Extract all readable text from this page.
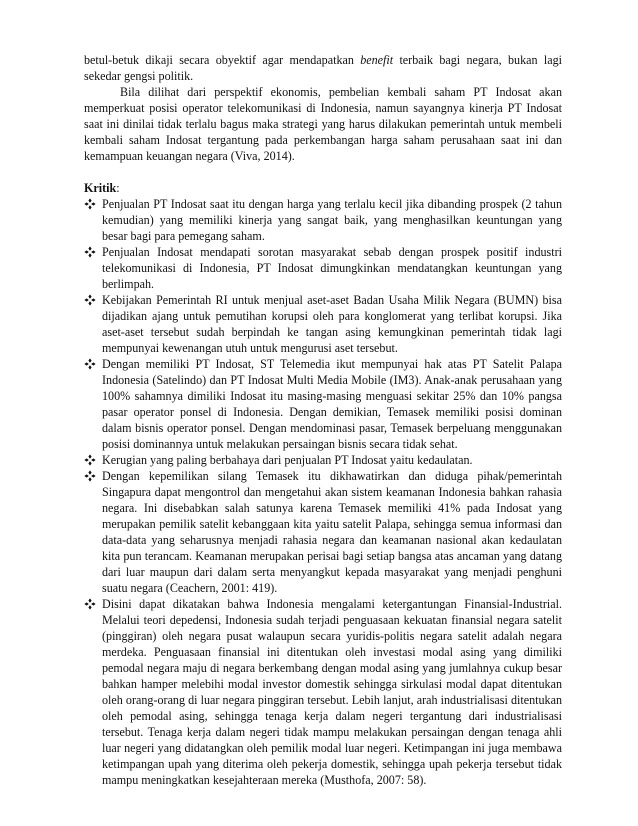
betul-betuk dikaji secara obyektif agar mendapatkan benefit terbaik bagi negara, bukan lagi sekedar gengsi politik.

Bila dilihat dari perspektif ekonomis, pembelian kembali saham PT Indosat akan memperkuat posisi operator telekomunikasi di Indonesia, namun sayangnya kinerja PT Indosat saat ini dinilai tidak terlalu bagus maka strategi yang harus dilakukan pemerintah untuk membeli kembali saham Indosat tergantung pada perkembangan harga saham perusahaan saat ini dan kemampuan keuangan negara (Viva, 2014).

Kritik:

Penjualan PT Indosat saat itu dengan harga yang terlalu kecil jika dibanding prospek (2 tahun kemudian) yang memiliki kinerja yang sangat baik, yang menghasilkan keuntungan yang besar bagi para pemegang saham.
Penjualan Indosat mendapati sorotan masyarakat sebab dengan prospek positif industri telekomunikasi di Indonesia, PT Indosat dimungkinkan mendatangkan keuntungan yang berlimpah.
Kebijakan Pemerintah RI untuk menjual aset-aset Badan Usaha Milik Negara (BUMN) bisa dijadikan ajang untuk pemutihan korupsi oleh para konglomerat yang terlibat korupsi. Jika aset-aset tersebut sudah berpindah ke tangan asing kemungkinan pemerintah tidak lagi mempunyai kewenangan utuh untuk mengurusi aset tersebut.
Dengan memiliki PT Indosat, ST Telemedia ikut mempunyai hak atas PT Satelit Palapa Indonesia (Satelindo) dan PT Indosat Multi Media Mobile (IM3). Anak-anak perusahaan yang 100% sahamnya dimiliki Indosat itu masing-masing menguasi sekitar 25% dan 10% pangsa pasar operator ponsel di Indonesia. Dengan demikian, Temasek memiliki posisi dominan dalam bisnis operator ponsel. Dengan mendominasi pasar, Temasek berpeluang menggunakan posisi dominannya untuk melakukan persaingan bisnis secara tidak sehat.
Kerugian yang paling berbahaya dari penjualan PT Indosat yaitu kedaulatan.
Dengan kepemilikan silang Temasek itu dikhawatirkan dan diduga pihak/pemerintah Singapura dapat mengontrol dan mengetahui akan sistem keamanan Indonesia bahkan rahasia negara. Ini disebabkan salah satunya karena Temasek memiliki 41% pada Indosat yang merupakan pemilik satelit kebanggaan kita yaitu satelit Palapa, sehingga semua informasi dan data-data yang seharusnya menjadi rahasia negara dan keamanan nasional akan kedaulatan kita pun terancam. Keamanan merupakan perisai bagi setiap bangsa atas ancaman yang datang dari luar maupun dari dalam serta menyangkut kepada masyarakat yang menjadi penghuni suatu negara (Ceachern, 2001: 419).
Disini dapat dikatakan bahwa Indonesia mengalami ketergantungan Finansial-Industrial. Melalui teori depedensi, Indonesia sudah terjadi penguasaan kekuatan finansial negara satelit (pinggiran) oleh negara pusat walaupun secara yuridis-politis negara satelit adalah negara merdeka. Penguasaan finansial ini ditentukan oleh investasi modal asing yang dimiliki pemodal negara maju di negara berkembang dengan modal asing yang jumlahnya cukup besar bahkan hamper melebihi modal investor domestik sehingga sirkulasi modal dapat ditentukan oleh orang-orang di luar negara pinggiran tersebut. Lebih lanjut, arah industrialisasi ditentukan oleh pemodal asing, sehingga tenaga kerja dalam negeri tergantung dari industrialisasi tersebut. Tenaga kerja dalam negeri tidak mampu melakukan persaingan dengan tenaga ahli luar negeri yang didatangkan oleh pemilik modal luar negeri. Ketimpangan ini juga membawa ketimpangan upah yang diterima oleh pekerja domestik, sehingga upah pekerja tersebut tidak mampu meningkatkan kesejahteraan mereka (Musthofa, 2007: 58).
